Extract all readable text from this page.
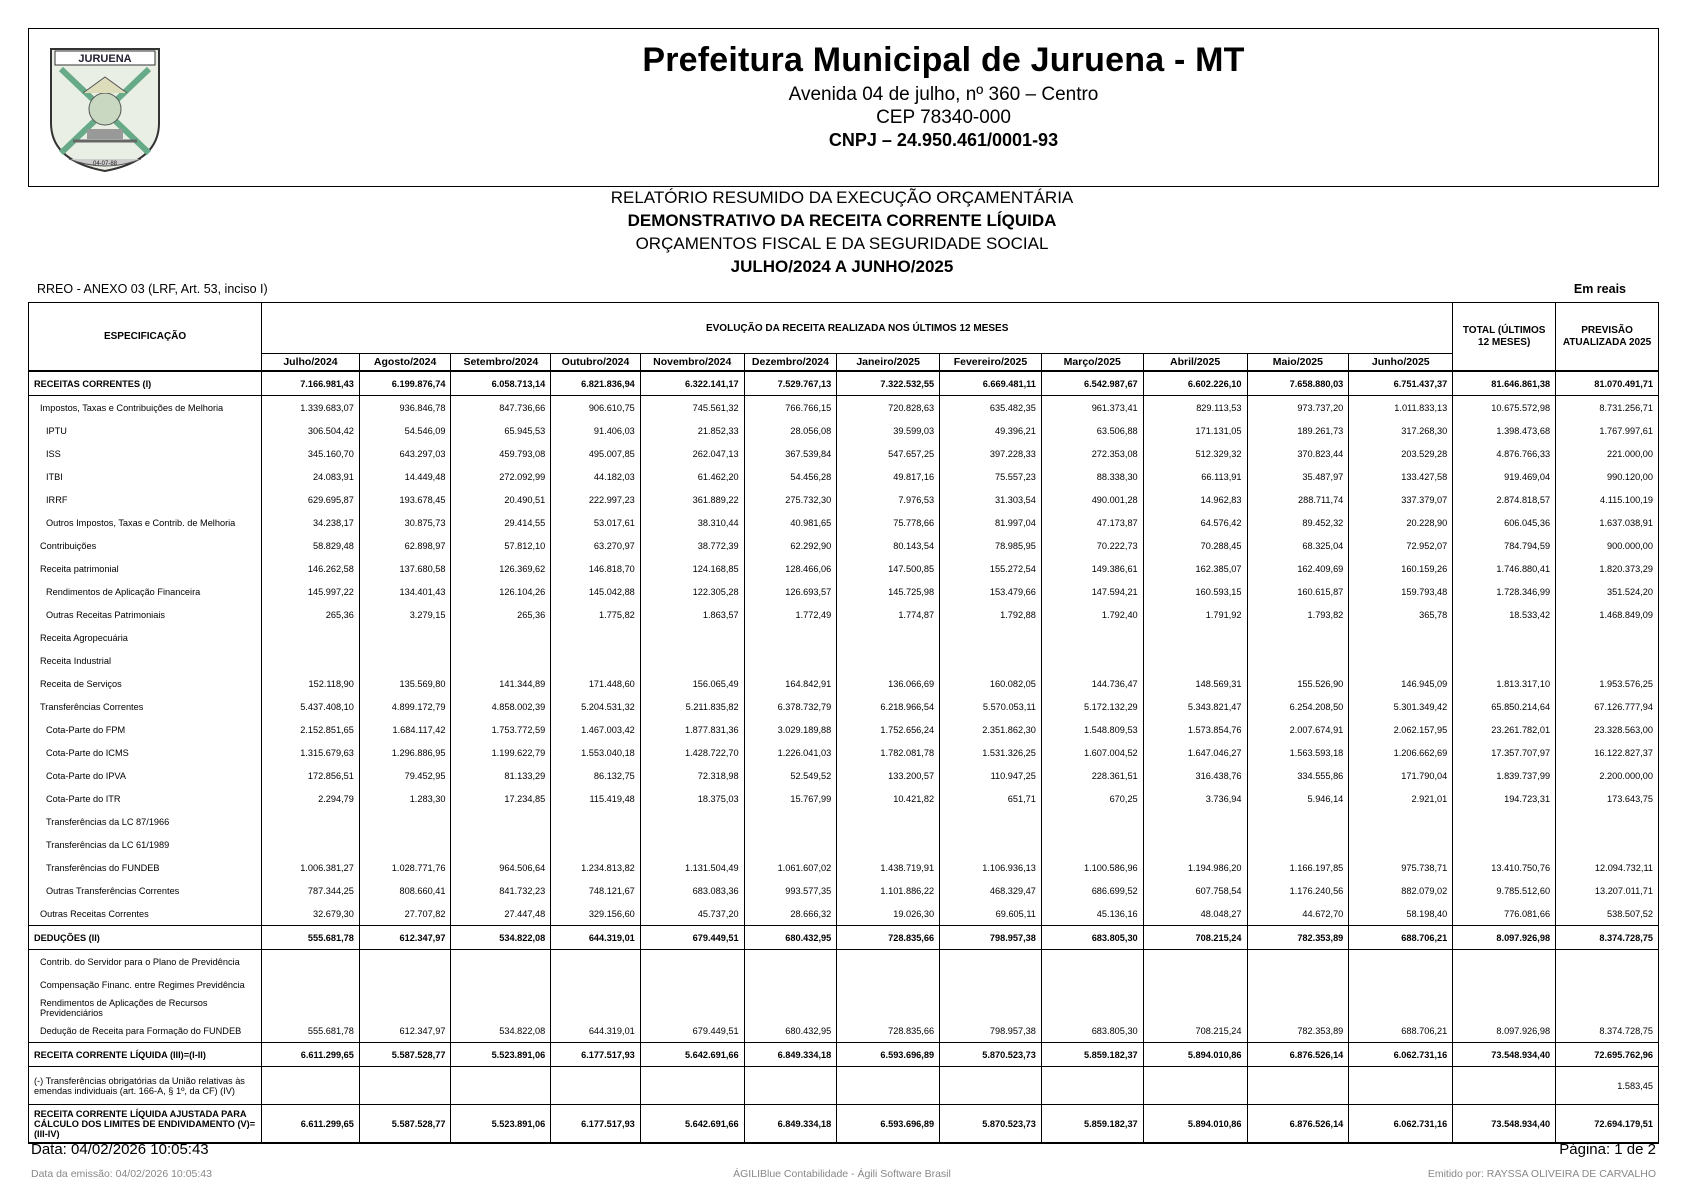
JURUENA
04-07-88
Prefeitura Municipal de Juruena - MT
Avenida 04 de julho, nº 360 – Centro
CEP 78340-000
CNPJ – 24.950.461/0001-93
RELATÓRIO RESUMIDO DA EXECUÇÃO ORÇAMENTÁRIA
DEMONSTRATIVO DA RECEITA CORRENTE LÍQUIDA
ORÇAMENTOS FISCAL E DA SEGURIDADE SOCIAL
JULHO/2024 A JUNHO/2025
RREO - ANEXO 03 (LRF, Art. 53, inciso I)	Em reais
ESPECIFICAÇÃO	EVOLUÇÃO DA RECEITA REALIZADA NOS ÚLTIMOS 12 MESES												TOTAL (ÚLTIMOS 12 MESES)	PREVISÃO ATUALIZADA 2025
	Julho/2024	Agosto/2024	Setembro/2024	Outubro/2024	Novembro/2024	Dezembro/2024	Janeiro/2025	Fevereiro/2025	Março/2025	Abril/2025	Maio/2025	Junho/2025		
RECEITAS CORRENTES (I)	7.166.981,43	6.199.876,74	6.058.713,14	6.821.836,94	6.322.141,17	7.529.767,13	7.322.532,55	6.669.481,11	6.542.987,67	6.602.226,10	7.658.880,03	6.751.437,37	81.646.861,38	81.070.491,71
Impostos, Taxas e Contribuições de Melhoria	1.339.683,07	936.846,78	847.736,66	906.610,75	745.561,32	766.766,15	720.828,63	635.482,35	961.373,41	829.113,53	973.737,20	1.011.833,13	10.675.572,98	8.731.256,71
IPTU	306.504,42	54.546,09	65.945,53	91.406,03	21.852,33	28.056,08	39.599,03	49.396,21	63.506,88	171.131,05	189.261,73	317.268,30	1.398.473,68	1.767.997,61
ISS	345.160,70	643.297,03	459.793,08	495.007,85	262.047,13	367.539,84	547.657,25	397.228,33	272.353,08	512.329,32	370.823,44	203.529,28	4.876.766,33	221.000,00
ITBI	24.083,91	14.449,48	272.092,99	44.182,03	61.462,20	54.456,28	49.817,16	75.557,23	88.338,30	66.113,91	35.487,97	133.427,58	919.469,04	990.120,00
IRRF	629.695,87	193.678,45	20.490,51	222.997,23	361.889,22	275.732,30	7.976,53	31.303,54	490.001,28	14.962,83	288.711,74	337.379,07	2.874.818,57	4.115.100,19
Outros Impostos, Taxas e Contrib. de Melhoria	34.238,17	30.875,73	29.414,55	53.017,61	38.310,44	40.981,65	75.778,66	81.997,04	47.173,87	64.576,42	89.452,32	20.228,90	606.045,36	1.637.038,91
Contribuições	58.829,48	62.898,97	57.812,10	63.270,97	38.772,39	62.292,90	80.143,54	78.985,95	70.222,73	70.288,45	68.325,04	72.952,07	784.794,59	900.000,00
Receita patrimonial	146.262,58	137.680,58	126.369,62	146.818,70	124.168,85	128.466,06	147.500,85	155.272,54	149.386,61	162.385,07	162.409,69	160.159,26	1.746.880,41	1.820.373,29
Rendimentos de Aplicação Financeira	145.997,22	134.401,43	126.104,26	145.042,88	122.305,28	126.693,57	145.725,98	153.479,66	147.594,21	160.593,15	160.615,87	159.793,48	1.728.346,99	351.524,20
Outras Receitas Patrimoniais	265,36	3.279,15	265,36	1.775,82	1.863,57	1.772,49	1.774,87	1.792,88	1.792,40	1.791,92	1.793,82	365,78	18.533,42	1.468.849,09
Receita Agropecuária														
Receita Industrial														
Receita de Serviços	152.118,90	135.569,80	141.344,89	171.448,60	156.065,49	164.842,91	136.066,69	160.082,05	144.736,47	148.569,31	155.526,90	146.945,09	1.813.317,10	1.953.576,25
Transferências Correntes	5.437.408,10	4.899.172,79	4.858.002,39	5.204.531,32	5.211.835,82	6.378.732,79	6.218.966,54	5.570.053,11	5.172.132,29	5.343.821,47	6.254.208,50	5.301.349,42	65.850.214,64	67.126.777,94
Cota-Parte do FPM	2.152.851,65	1.684.117,42	1.753.772,59	1.467.003,42	1.877.831,36	3.029.189,88	1.752.656,24	2.351.862,30	1.548.809,53	1.573.854,76	2.007.674,91	2.062.157,95	23.261.782,01	23.328.563,00
Cota-Parte do ICMS	1.315.679,63	1.296.886,95	1.199.622,79	1.553.040,18	1.428.722,70	1.226.041,03	1.782.081,78	1.531.326,25	1.607.004,52	1.647.046,27	1.563.593,18	1.206.662,69	17.357.707,97	16.122.827,37
Cota-Parte do IPVA	172.856,51	79.452,95	81.133,29	86.132,75	72.318,98	52.549,52	133.200,57	110.947,25	228.361,51	316.438,76	334.555,86	171.790,04	1.839.737,99	2.200.000,00
Cota-Parte do ITR	2.294,79	1.283,30	17.234,85	115.419,48	18.375,03	15.767,99	10.421,82	651,71	670,25	3.736,94	5.946,14	2.921,01	194.723,31	173.643,75
Transferências da LC 87/1966														
Transferências da LC 61/1989														
Transferências do FUNDEB	1.006.381,27	1.028.771,76	964.506,64	1.234.813,82	1.131.504,49	1.061.607,02	1.438.719,91	1.106.936,13	1.100.586,96	1.194.986,20	1.166.197,85	975.738,71	13.410.750,76	12.094.732,11
Outras Transferências Correntes	787.344,25	808.660,41	841.732,23	748.121,67	683.083,36	993.577,35	1.101.886,22	468.329,47	686.699,52	607.758,54	1.176.240,56	882.079,02	9.785.512,60	13.207.011,71
Outras Receitas Correntes	32.679,30	27.707,82	27.447,48	329.156,60	45.737,20	28.666,32	19.026,30	69.605,11	45.136,16	48.048,27	44.672,70	58.198,40	776.081,66	538.507,52
DEDUÇÕES (II)	555.681,78	612.347,97	534.822,08	644.319,01	679.449,51	680.432,95	728.835,66	798.957,38	683.805,30	708.215,24	782.353,89	688.706,21	8.097.926,98	8.374.728,75
Contrib. do Servidor para o Plano de Previdência														
Compensação Financ. entre Regimes Previdência														
Rendimentos de Aplicações de Recursos Previdenciários														
Dedução de Receita para Formação do FUNDEB	555.681,78	612.347,97	534.822,08	644.319,01	679.449,51	680.432,95	728.835,66	798.957,38	683.805,30	708.215,24	782.353,89	688.706,21	8.097.926,98	8.374.728,75
RECEITA CORRENTE LÍQUIDA (III)=(I-II)	6.611.299,65	5.587.528,77	5.523.891,06	6.177.517,93	5.642.691,66	6.849.334,18	6.593.696,89	5.870.523,73	5.859.182,37	5.894.010,86	6.876.526,14	6.062.731,16	73.548.934,40	72.695.762,96
(-) Transferências obrigatórias da União relativas às emendas individuais (art. 166-A, § 1º, da CF) (IV)														1.583,45
RECEITA CORRENTE LÍQUIDA AJUSTADA PARA CÁLCULO DOS LIMITES DE ENDIVIDAMENTO (V)=(III-IV)	6.611.299,65	5.587.528,77	5.523.891,06	6.177.517,93	5.642.691,66	6.849.334,18	6.593.696,89	5.870.523,73	5.859.182,37	5.894.010,86	6.876.526,14	6.062.731,16	73.548.934,40	72.694.179,51
Data: 04/02/2026 10:05:43	Página: 1 de 2
Data da emissão: 04/02/2026 10:05:43	ÁGILIBlue Contabilidade - Ágili Software Brasil	Emitido por: RAYSSA OLIVEIRA DE CARVALHO
